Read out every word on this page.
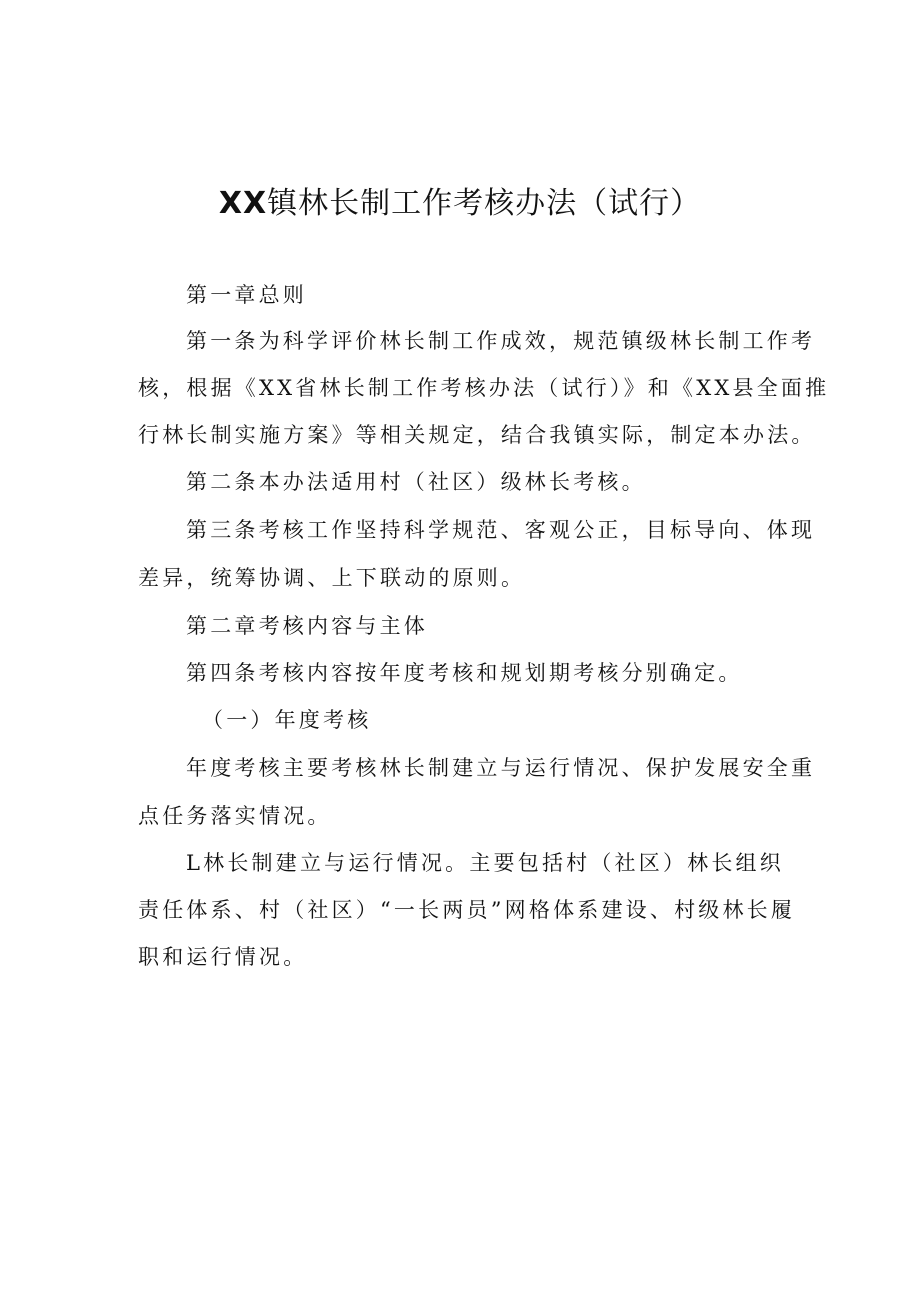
XX镇林长制工作考核办法（试行）

第一章总则

第一条为科学评价林长制工作成效，规范镇级林长制工作考

核，根据《XX省林长制工作考核办法（试行）》和《XX县全面推

行林长制实施方案》等相关规定，结合我镇实际，制定本办法。

第二条本办法适用村（社区）级林长考核。

第三条考核工作坚持科学规范、客观公正，目标导向、体现

差异，统筹协调、上下联动的原则。

第二章考核内容与主体

第四条考核内容按年度考核和规划期考核分别确定。

（一）年度考核

年度考核主要考核林长制建立与运行情况、保护发展安全重

点任务落实情况。

L林长制建立与运行情况。主要包括村（社区）林长组织

责任体系、村（社区）“一长两员”网格体系建设、村级林长履

职和运行情况。
